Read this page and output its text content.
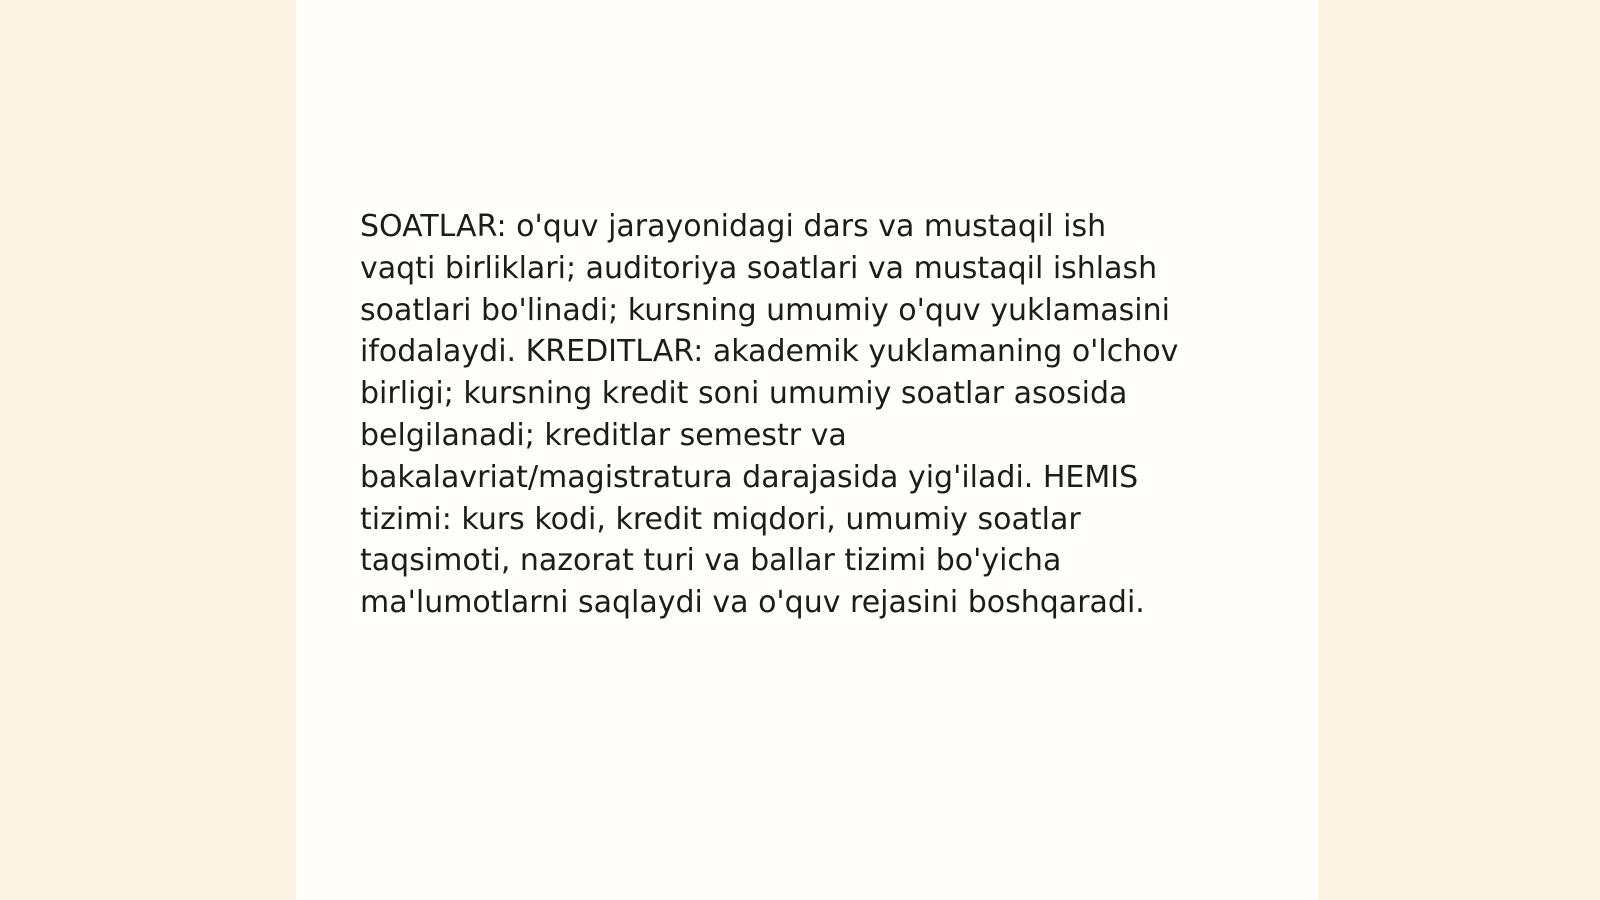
SOATLAR: o'quv jarayonidagi dars va mustaqil ish
vaqti birliklari; auditoriya soatlari va mustaqil ishlash
soatlari bo'linadi; kursning umumiy o'quv yuklamasini
ifodalaydi. KREDITLAR: akademik yuklamaning o'lchov
birligi; kursning kredit soni umumiy soatlar asosida
belgilanadi; kreditlar semestr va
bakalavriat/magistratura darajasida yig'iladi. HEMIS
tizimi: kurs kodi, kredit miqdori, umumiy soatlar
taqsimoti, nazorat turi va ballar tizimi bo'yicha
ma'lumotlarni saqlaydi va o'quv rejasini boshqaradi.
